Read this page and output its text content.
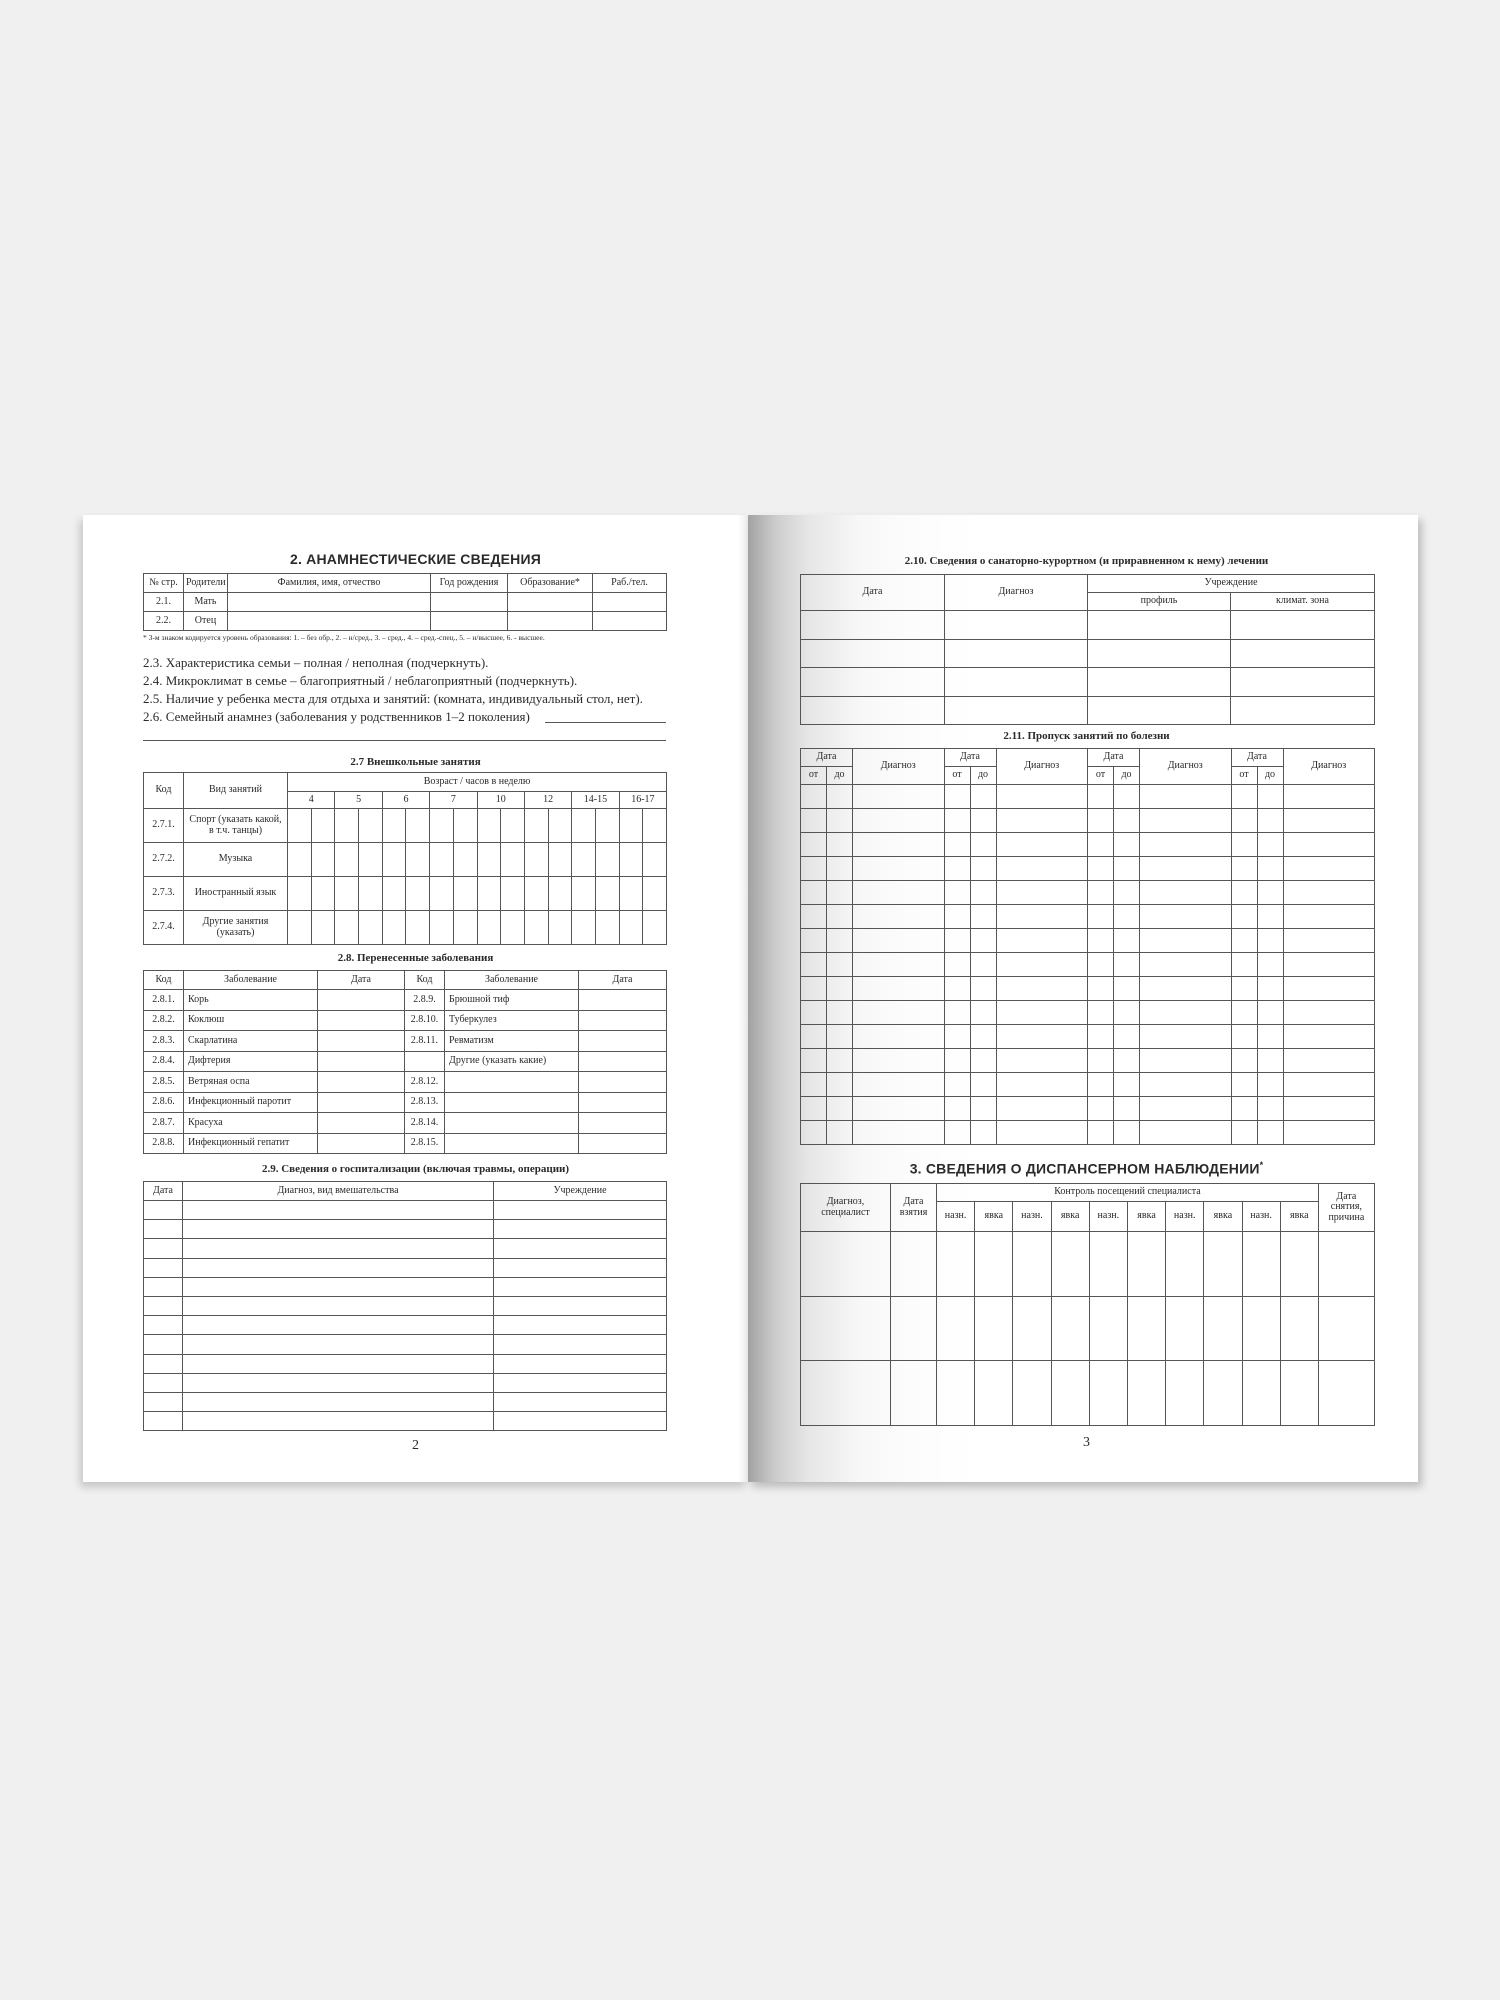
2. АНАМНЕСТИЧЕСКИЕ СВЕДЕНИЯ
№ стр.	Родители	Фамилия, имя, отчество	Год рождения	Образование*	Раб./тел.
2.1.	Мать				
2.2.	Отец				
* 3-м знаком кодируется уровень образования: 1. – без обр., 2. – н/сред., 3. – сред., 4. – сред.-спец., 5. – н/высшее, 6. - высшее.
2.3. Характеристика семьи – полная / неполная (подчеркнуть).
2.4. Микроклимат в семье – благоприятный / неблагоприятный (подчеркнуть).
2.5. Наличие у ребенка места для отдыха и занятий: (комната, индивидуальный стол, нет).
2.6. Семейный анамнез (заболевания у родственников 1–2 поколения)
2.7 Внешкольные занятия
Код	Вид занятий	Возраст / часов в неделю															
		4		5		6		7		10		12		14-15		16-17	
2.7.1.	Спорт (указать какой, в т.ч. танцы)																
2.7.2.	Музыка																
2.7.3.	Иностранный язык																
2.7.4.	Другие занятия (указать)																
2.8. Перенесенные заболевания
Код	Заболевание	Дата	Код	Заболевание	Дата
2.8.1.	Корь		2.8.9.	Брюшной тиф	
2.8.2.	Коклюш		2.8.10.	Туберкулез	
2.8.3.	Скарлатина		2.8.11.	Ревматизм	
2.8.4.	Дифтерия			Другие (указать какие)	
2.8.5.	Ветряная оспа		2.8.12.		
2.8.6.	Инфекционный паротит		2.8.13.		
2.8.7.	Красуха		2.8.14.		
2.8.8.	Инфекционный гепатит		2.8.15.		
2.9. Сведения о госпитализации (включая травмы, операции)
Дата	Диагноз, вид вмешательства	Учреждение

2
2.10. Сведения о санаторно-курортном (и приравненном к нему) лечении
Дата	Диагноз	Учреждение	
		профиль	климат. зона

2.11. Пропуск занятий по болезни
Дата		Диагноз	Дата		Диагноз	Дата		Диагноз	Дата		Диагноз
от	до		от	до		от	до		от	до	

3. СВЕДЕНИЯ О ДИСПАНСЕРНОМ НАБЛЮДЕНИИ*
Диагноз, специалист	Дата взятия	Контроль посещений специалиста										Дата снятия, причина
		назн.	явка	назн.	явка	назн.	явка	назн.	явка	назн.	явка	

3
